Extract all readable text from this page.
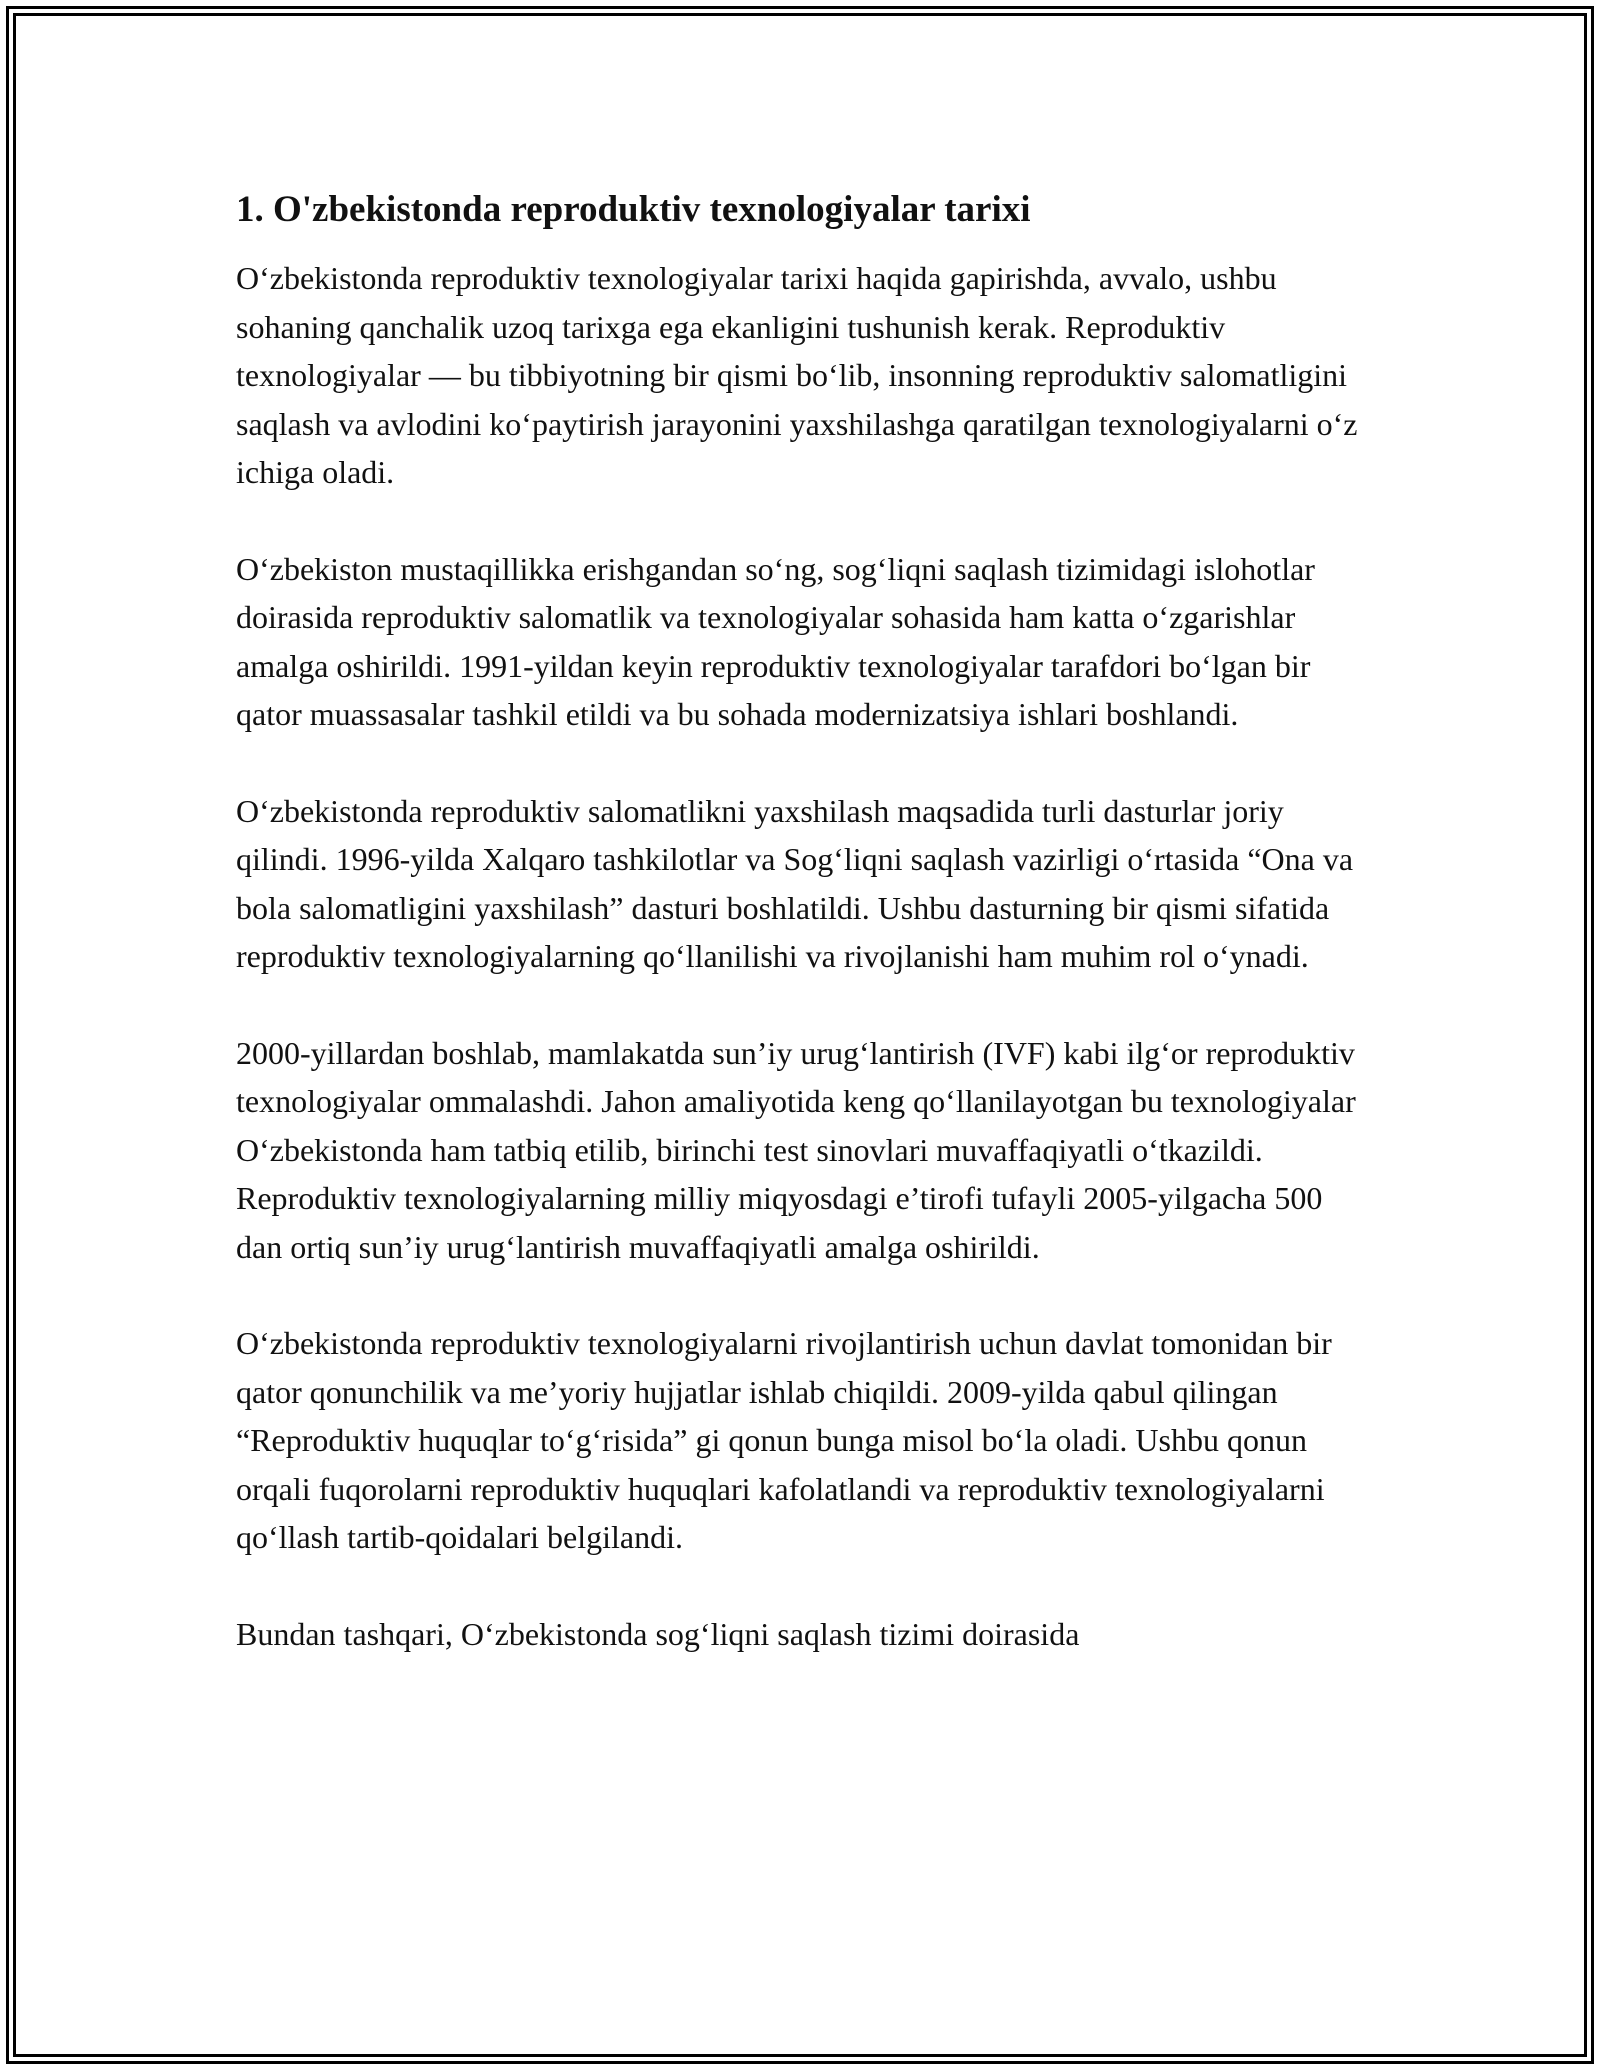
1. O'zbekistonda reproduktiv texnologiyalar tarixi

O‘zbekistonda reproduktiv texnologiyalar tarixi haqida gapirishda, avvalo, ushbu sohaning qanchalik uzoq tarixga ega ekanligini tushunish kerak. Reproduktiv texnologiyalar — bu tibbiyotning bir qismi bo‘lib, insonning reproduktiv salomatligini saqlash va avlodini ko‘paytirish jarayonini yaxshilashga qaratilgan texnologiyalarni o‘z ichiga oladi.

O‘zbekiston mustaqillikka erishgandan so‘ng, sog‘liqni saqlash tizimidagi islohotlar doirasida reproduktiv salomatlik va texnologiyalar sohasida ham katta o‘zgarishlar amalga oshirildi. 1991-yildan keyin reproduktiv texnologiyalar tarafdori bo‘lgan bir qator muassasalar tashkil etildi va bu sohada modernizatsiya ishlari boshlandi.

O‘zbekistonda reproduktiv salomatlikni yaxshilash maqsadida turli dasturlar joriy qilindi. 1996-yilda Xalqaro tashkilotlar va Sog‘liqni saqlash vazirligi o‘rtasida “Ona va bola salomatligini yaxshilash” dasturi boshlatildi. Ushbu dasturning bir qismi sifatida reproduktiv texnologiyalarning qo‘llanilishi va rivojlanishi ham muhim rol o‘ynadi.

2000-yillardan boshlab, mamlakatda sun’iy urug‘lantirish (IVF) kabi ilg‘or reproduktiv texnologiyalar ommalashdi. Jahon amaliyotida keng qo‘llanilayotgan bu texnologiyalar O‘zbekistonda ham tatbiq etilib, birinchi test sinovlari muvaffaqiyatli o‘tkazildi. Reproduktiv texnologiyalarning milliy miqyosdagi e’tirofi tufayli 2005-yilgacha 500 dan ortiq sun’iy urug‘lantirish muvaffaqiyatli amalga oshirildi.

O‘zbekistonda reproduktiv texnologiyalarni rivojlantirish uchun davlat tomonidan bir qator qonunchilik va me’yoriy hujjatlar ishlab chiqildi. 2009-yilda qabul qilingan “Reproduktiv huquqlar to‘g‘risida” gi qonun bunga misol bo‘la oladi. Ushbu qonun orqali fuqorolarni reproduktiv huquqlari kafolatlandi va reproduktiv texnologiyalarni qo‘llash tartib-qoidalari belgilandi.

Bundan tashqari, O‘zbekistonda sog‘liqni saqlash tizimi doirasida
